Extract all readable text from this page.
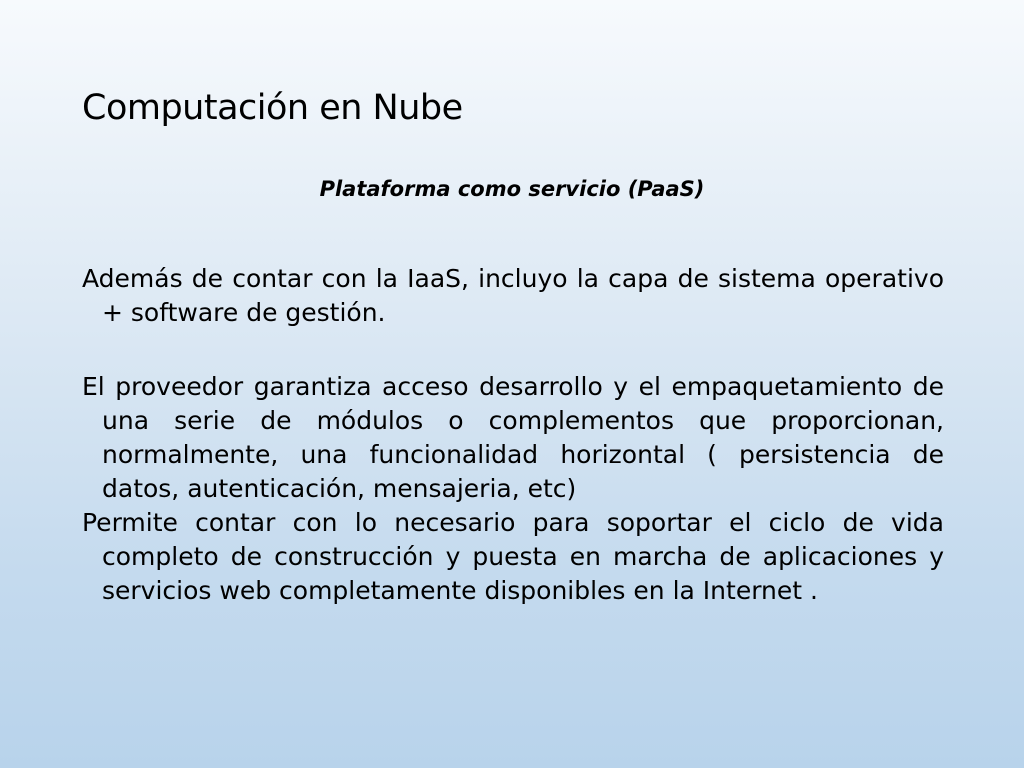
Computación en Nube
Plataforma como servicio (PaaS)

Además de contar con la IaaS, incluyo la capa de sistema operativo + software de gestión.

El proveedor garantiza acceso desarrollo y el empaquetamiento de una serie de módulos o complementos que proporcionan, normalmente, una funcionalidad horizontal ( persistencia de datos, autenticación, mensajeria, etc)

Permite contar con lo necesario para soportar el ciclo de vida completo de construcción y puesta en marcha de aplicaciones y servicios web completamente disponibles en la Internet .
